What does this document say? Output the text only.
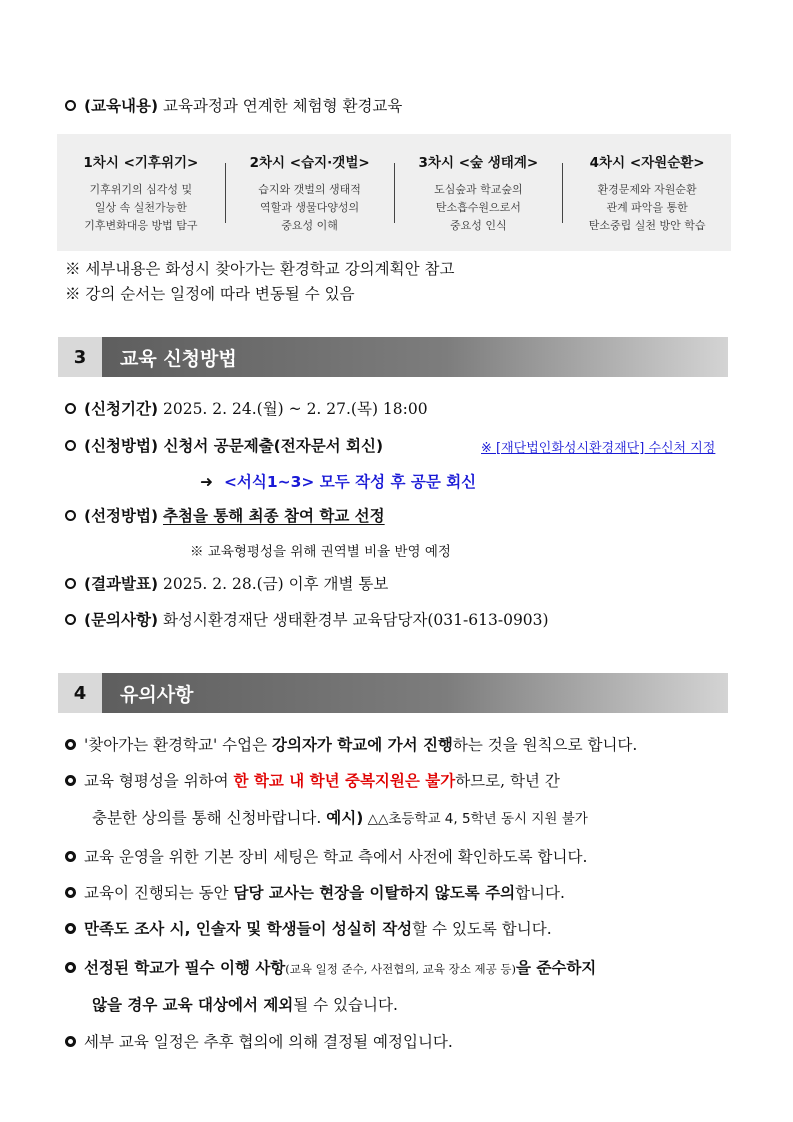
(교육내용) 교육과정과 연계한 체험형 환경교육
1차시 <기후위기>
기후위기의 심각성 및
일상 속 실천가능한
기후변화대응 방법 탐구
2차시 <습지·갯벌>
습지와 갯벌의 생태적
역할과 생물다양성의
중요성 이해
3차시 <숲 생태계>
도심숲과 학교숲의
탄소흡수원으로서
중요성 인식
4차시 <자원순환>
환경문제와 자원순환
관계 파악을 통한
탄소중립 실천 방안 학습
※ 세부내용은 화성시 찾아가는 환경학교 강의계획안 참고
※ 강의 순서는 일정에 따라 변동될 수 있음
3	교육 신청방법
(신청기간) 2025. 2. 24.(월) ~ 2. 27.(목) 18:00
(신청방법) 신청서 공문제출(전자문서 회신)	※ [재단법인화성시환경재단] 수신처 지정
➜ <서식1~3> 모두 작성 후 공문 회신
(선정방법) 추첨을 통해 최종 참여 학교 선정
※ 교육형평성을 위해 권역별 비율 반영 예정
(결과발표) 2025. 2. 28.(금) 이후 개별 통보
(문의사항) 화성시환경재단 생태환경부 교육담당자(031-613-0903)
4	유의사항
'찾아가는 환경학교' 수업은 강의자가 학교에 가서 진행하는 것을 원칙으로 합니다.
교육 형평성을 위하여 한 학교 내 학년 중복지원은 불가하므로, 학년 간
충분한 상의를 통해 신청바랍니다. 예시) △△초등학교 4, 5학년 동시 지원 불가
교육 운영을 위한 기본 장비 세팅은 학교 측에서 사전에 확인하도록 합니다.
교육이 진행되는 동안 담당 교사는 현장을 이탈하지 않도록 주의합니다.
만족도 조사 시, 인솔자 및 학생들이 성실히 작성할 수 있도록 합니다.
선정된 학교가 필수 이행 사항(교육 일정 준수, 사전협의, 교육 장소 제공 등)을 준수하지
않을 경우 교육 대상에서 제외될 수 있습니다.
세부 교육 일정은 추후 협의에 의해 결정될 예정입니다.
